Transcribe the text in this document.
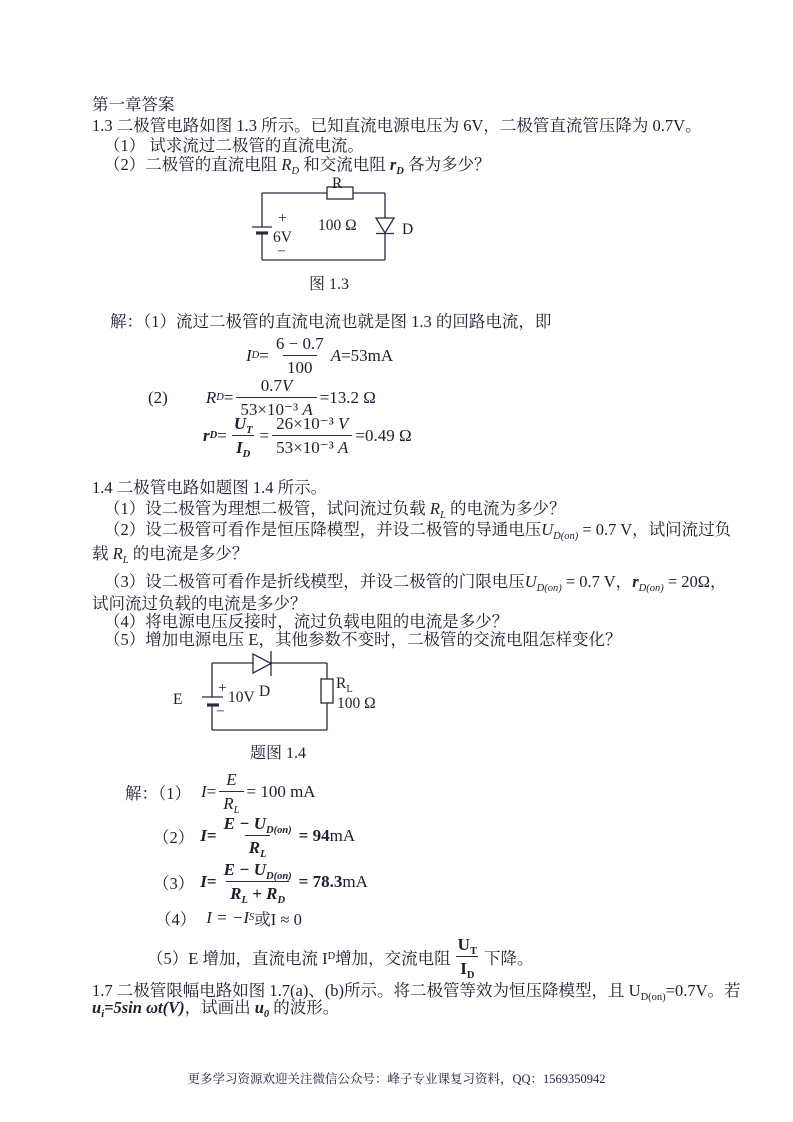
第一章答案
1.3 二极管电路如图 1.3 所示。已知直流电源电压为 6V，二极管直流管压降为 0.7V。
（1） 试求流过二极管的直流电流。
（2）二极管的直流电阻 $R_D$ 和交流电阻 $r_D$ 各为多少？
R
100 Ω
+
6V
−
D
图 1.3
解：（1）流过二极管的直流电流也就是图 1.3 的回路电流，即
I $D = \frac{6 - 0.7}{100}$ A =53mA
(2) R $D = \frac{0.7V}{\text{53×10⁻³ A}} =13.2$ Ω
r $D = \frac{U_T}{I_D} = \frac{\text{26×10⁻³ V}}{\text{53×10⁻³ A}} =0.49$ Ω
1.4 二极管电路如题图 1.4 所示。
（1）设二极管为理想二极管，试问流过负载 $R_L$ 的电流为多少？
（2）设二极管可看作是恒压降模型，并设二极管的导通电压$U_{D(on)} = 0.7$ V，试问流过负
载 $R_L$ 的电流是多少？
（3）设二极管可看作是折线模型，并设二极管的门限电压$U_{D(on)} = 0.7$ V，$r_{D(on)} = 20\Omega$，
试问流过负载的电流是多少？
（4）将电源电压反接时，流过负载电阻的电流是多少？
（5）增加电源电压 E，其他参数不变时，二极管的交流电阻怎样变化？
E
+
10V
−
D	$R_L$
100 Ω
题图 1.4
解：（1） $I = \frac{E}{R_L} = 100$ mA
（2） $I = \frac{E - U_{D(on)}}{R_L} = 94$ mA
（3） $I = \frac{E - U_{D(on)}}{R_L + R_D} = 78.3$ mA
（4） I = −I S 或I ≈ 0
（5）E 增加，直流电流 I D 增加，交流电阻 $\frac{U_T}{I_D}$ 下降。
1.7 二极管限幅电路如图 1.7(a)、(b)所示。将二极管等效为恒压降模型，且 $U_{D(on)}=0.7V$。若
$u_i=5\sin$ ωt(V)，试画出 $u_0$ 的波形。
更多学习资源欢迎关注微信公众号：峰子专业课复习资料，QQ：1569350942
